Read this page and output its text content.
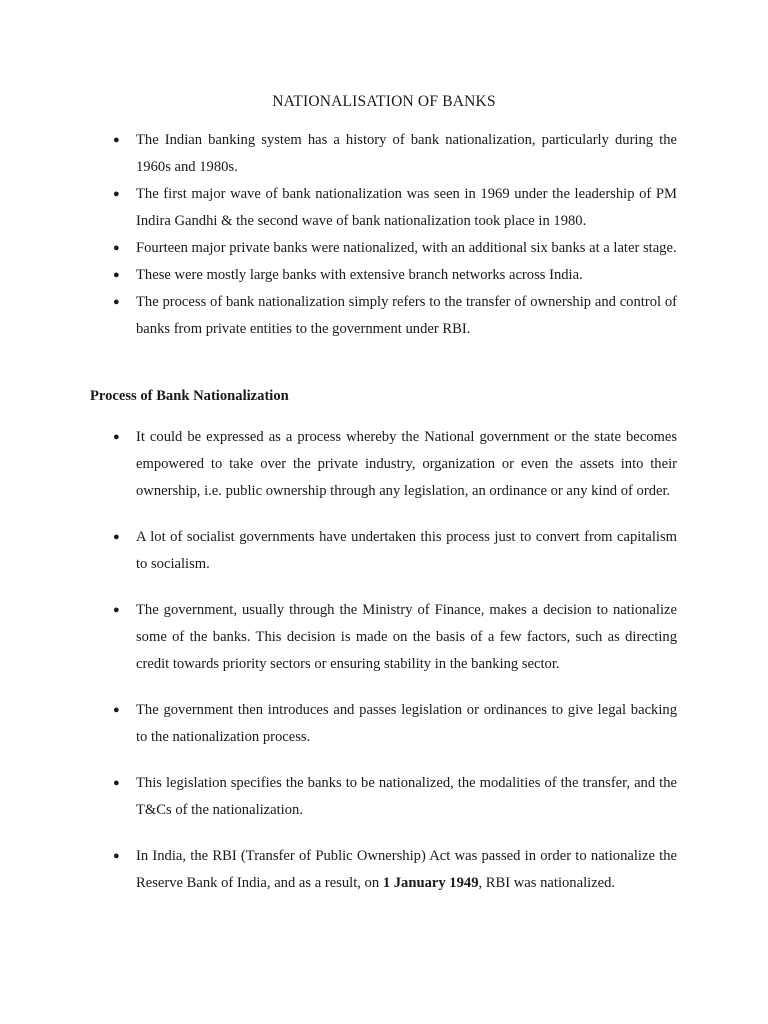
NATIONALISATION OF BANKS
● The Indian banking system has a history of bank nationalization, particularly during the 1960s and 1980s.
● The first major wave of bank nationalization was seen in 1969 under the leadership of PM Indira Gandhi & the second wave of bank nationalization took place in 1980.
● Fourteen major private banks were nationalized, with an additional six banks at a later stage.
● These were mostly large banks with extensive branch networks across India.
● The process of bank nationalization simply refers to the transfer of ownership and control of banks from private entities to the government under RBI.
Process of Bank Nationalization
● It could be expressed as a process whereby the National government or the state becomes empowered to take over the private industry, organization or even the assets into their ownership, i.e. public ownership through any legislation, an ordinance or any kind of order.
● A lot of socialist governments have undertaken this process just to convert from capitalism to socialism.
● The government, usually through the Ministry of Finance, makes a decision to nationalize some of the banks. This decision is made on the basis of a few factors, such as directing credit towards priority sectors or ensuring stability in the banking sector.
● The government then introduces and passes legislation or ordinances to give legal backing to the nationalization process.
● This legislation specifies the banks to be nationalized, the modalities of the transfer, and the T&Cs of the nationalization.
● In India, the RBI (Transfer of Public Ownership) Act was passed in order to nationalize the Reserve Bank of India, and as a result, on 1 January 1949, RBI was nationalized.
